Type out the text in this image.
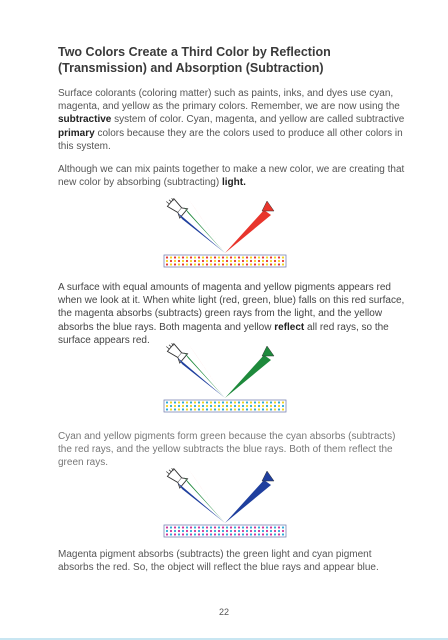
Two Colors Create a Third Color by Reflection (Transmission) and Absorption (Subtraction)

Surface colorants (coloring matter) such as paints, inks, and dyes use cyan, magenta, and yellow as the primary colors. Remember, we are now using the subtractive system of color. Cyan, magenta, and yellow are called subtractive primary colors because they are the colors used to produce all other colors in this system.

Although we can mix paints together to make a new color, we are creating that new color by absorbing (subtracting) light.

A surface with equal amounts of magenta and yellow pigments appears red when we look at it. When white light (red, green, blue) falls on this red surface, the magenta absorbs (subtracts) green rays from the light, and the yellow absorbs the blue rays. Both magenta and yellow reflect all red rays, so the surface appears red.

Cyan and yellow pigments form green because the cyan absorbs (subtracts) the red rays, and the yellow subtracts the blue rays. Both of them reflect the green rays.

Magenta pigment absorbs (subtracts) the green light and cyan pigment absorbs the red. So, the object will reflect the blue rays and appear blue.

22
